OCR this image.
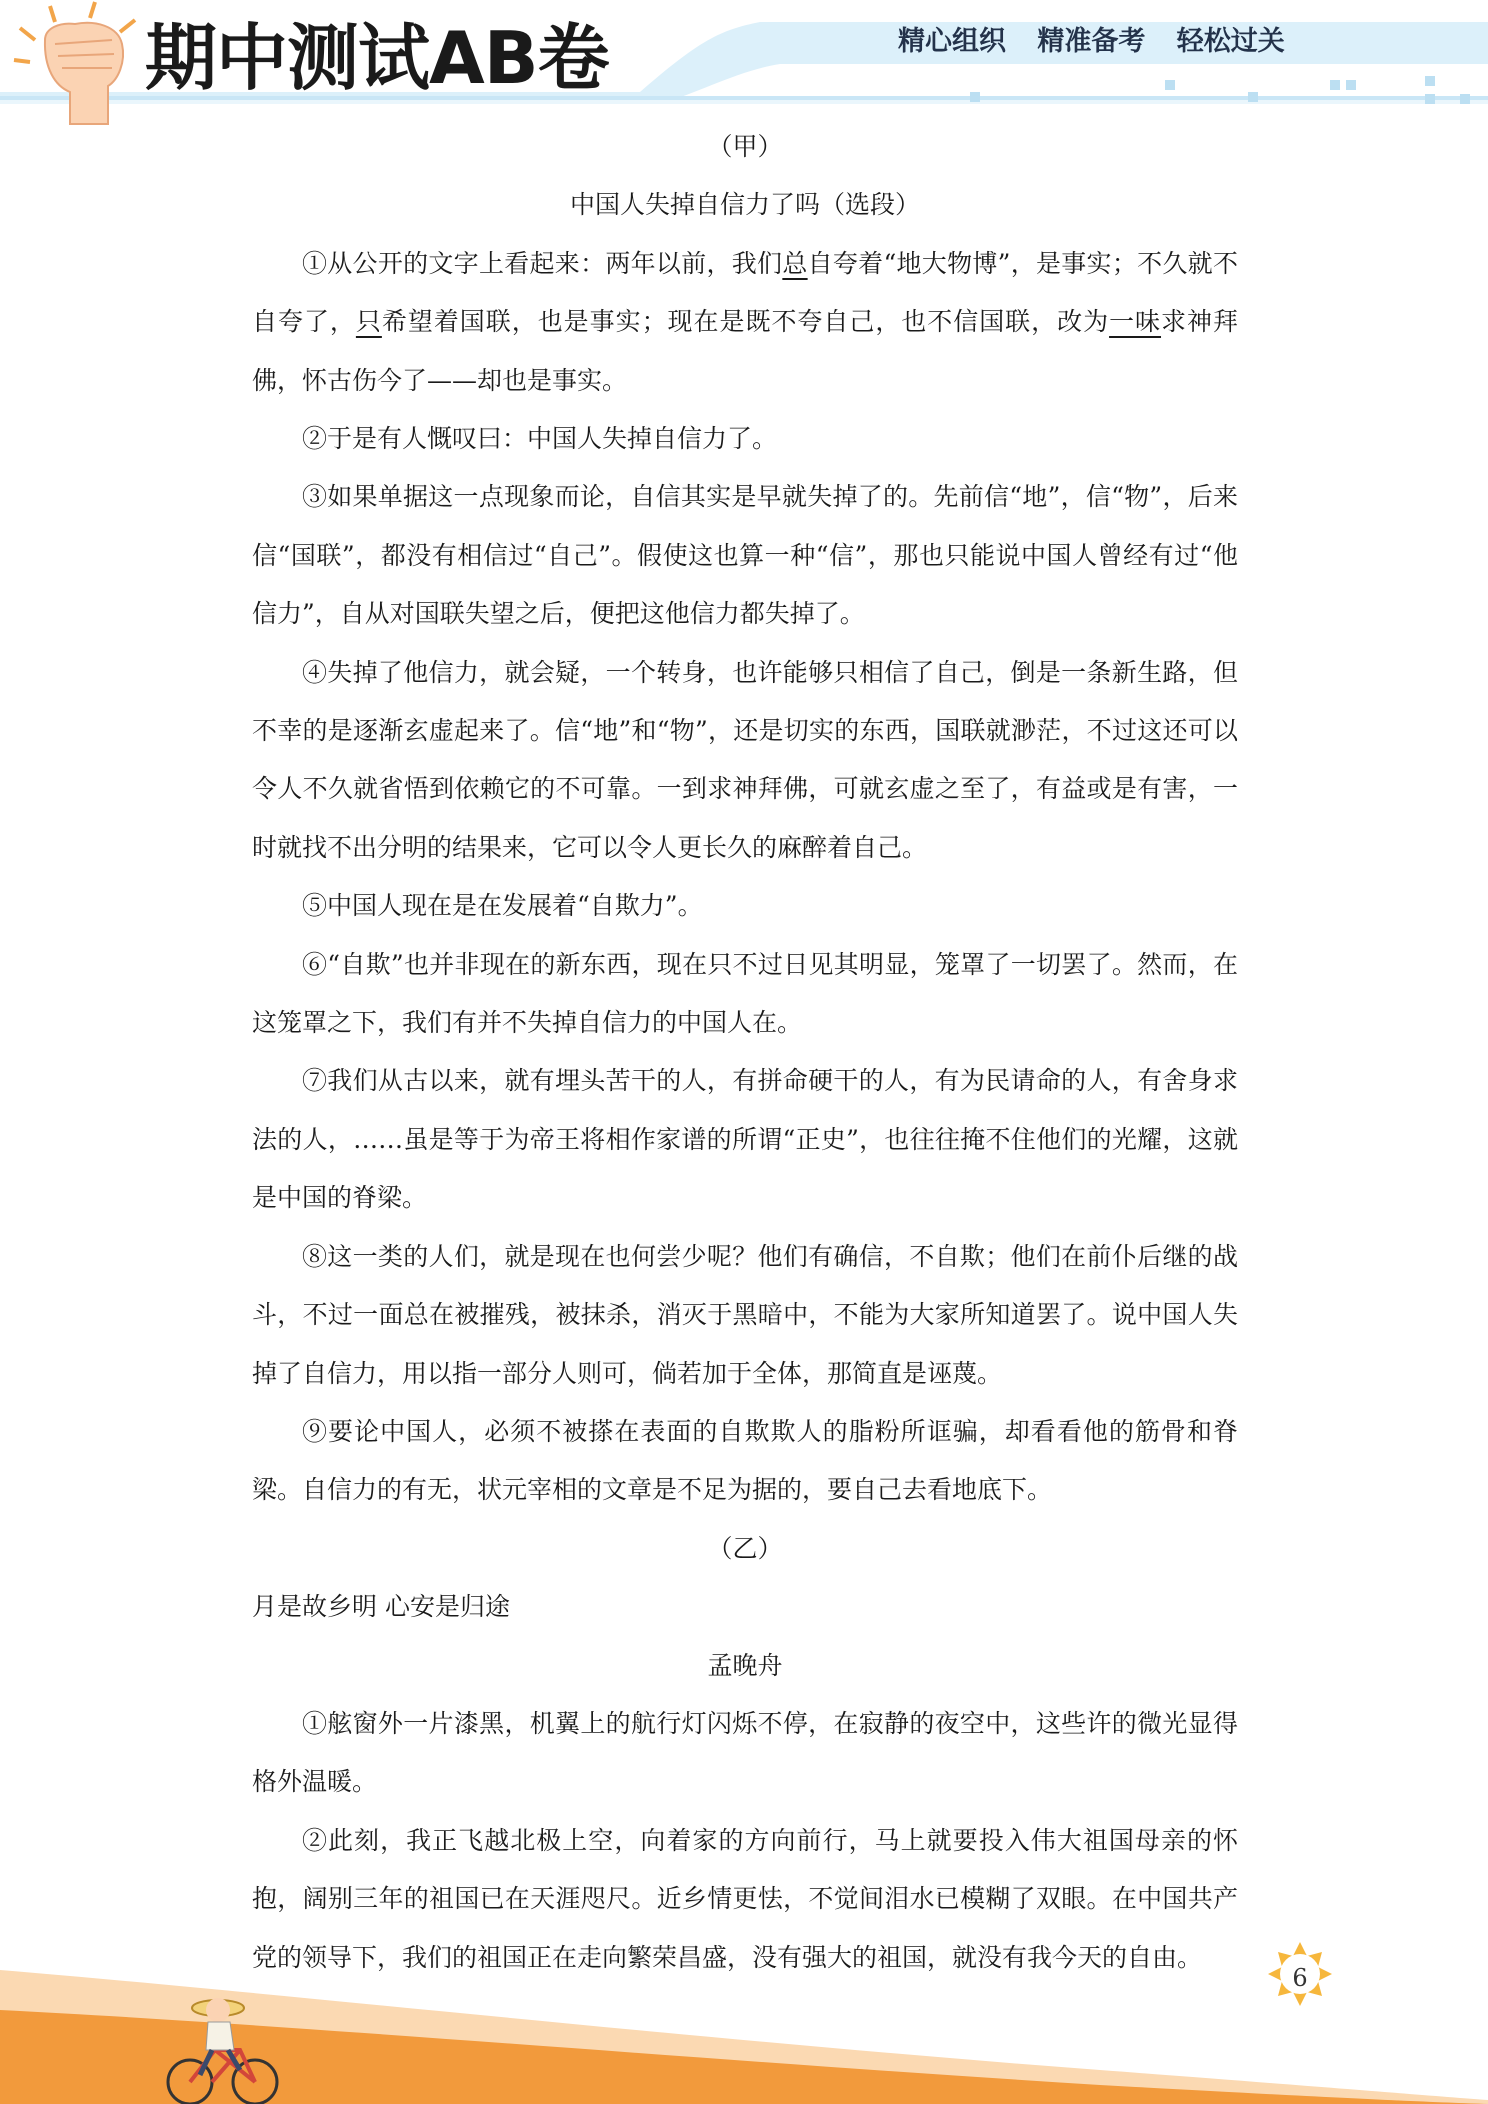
期中测试AB卷	精心组织 精准备考 轻松过关
（甲）
中国人失掉自信力了吗（选段）

①从公开的文字上看起来：两年以前，我们总自夸着“地大物博”，是事实；不久就不自夸了，只希望着国联，也是事实；现在是既不夸自己，也不信国联，改为一味求神拜佛，怀古伤今了——却也是事实。

②于是有人慨叹曰：中国人失掉自信力了。

③如果单据这一点现象而论，自信其实是早就失掉了的。先前信“地”，信“物”，后来信“国联”，都没有相信过“自己”。假使这也算一种“信”，那也只能说中国人曾经有过“他信力”，自从对国联失望之后，便把这他信力都失掉了。

④失掉了他信力，就会疑，一个转身，也许能够只相信了自己，倒是一条新生路，但不幸的是逐渐玄虚起来了。信“地”和“物”，还是切实的东西，国联就渺茫，不过这还可以令人不久就省悟到依赖它的不可靠。一到求神拜佛，可就玄虚之至了，有益或是有害，一时就找不出分明的结果来，它可以令人更长久的麻醉着自己。

⑤中国人现在是在发展着“自欺力”。

⑥“自欺”也并非现在的新东西，现在只不过日见其明显，笼罩了一切罢了。然而，在这笼罩之下，我们有并不失掉自信力的中国人在。

⑦我们从古以来，就有埋头苦干的人，有拼命硬干的人，有为民请命的人，有舍身求法的人，……虽是等于为帝王将相作家谱的所谓“正史”，也往往掩不住他们的光耀，这就是中国的脊梁。

⑧这一类的人们，就是现在也何尝少呢？他们有确信，不自欺；他们在前仆后继的战斗，不过一面总在被摧残，被抹杀，消灭于黑暗中，不能为大家所知道罢了。说中国人失掉了自信力，用以指一部分人则可，倘若加于全体，那简直是诬蔑。

⑨要论中国人，必须不被搽在表面的自欺欺人的脂粉所诓骗，却看看他的筋骨和脊梁。自信力的有无，状元宰相的文章是不足为据的，要自己去看地底下。

（乙）

月是故乡明 心安是归途

孟晚舟

①舷窗外一片漆黑，机翼上的航行灯闪烁不停，在寂静的夜空中，这些许的微光显得格外温暖。

②此刻，我正飞越北极上空，向着家的方向前行，马上就要投入伟大祖国母亲的怀抱，阔别三年的祖国已在天涯咫尺。近乡情更怯，不觉间泪水已模糊了双眼。在中国共产党的领导下，我们的祖国正在走向繁荣昌盛，没有强大的祖国，就没有我今天的自由。

6
